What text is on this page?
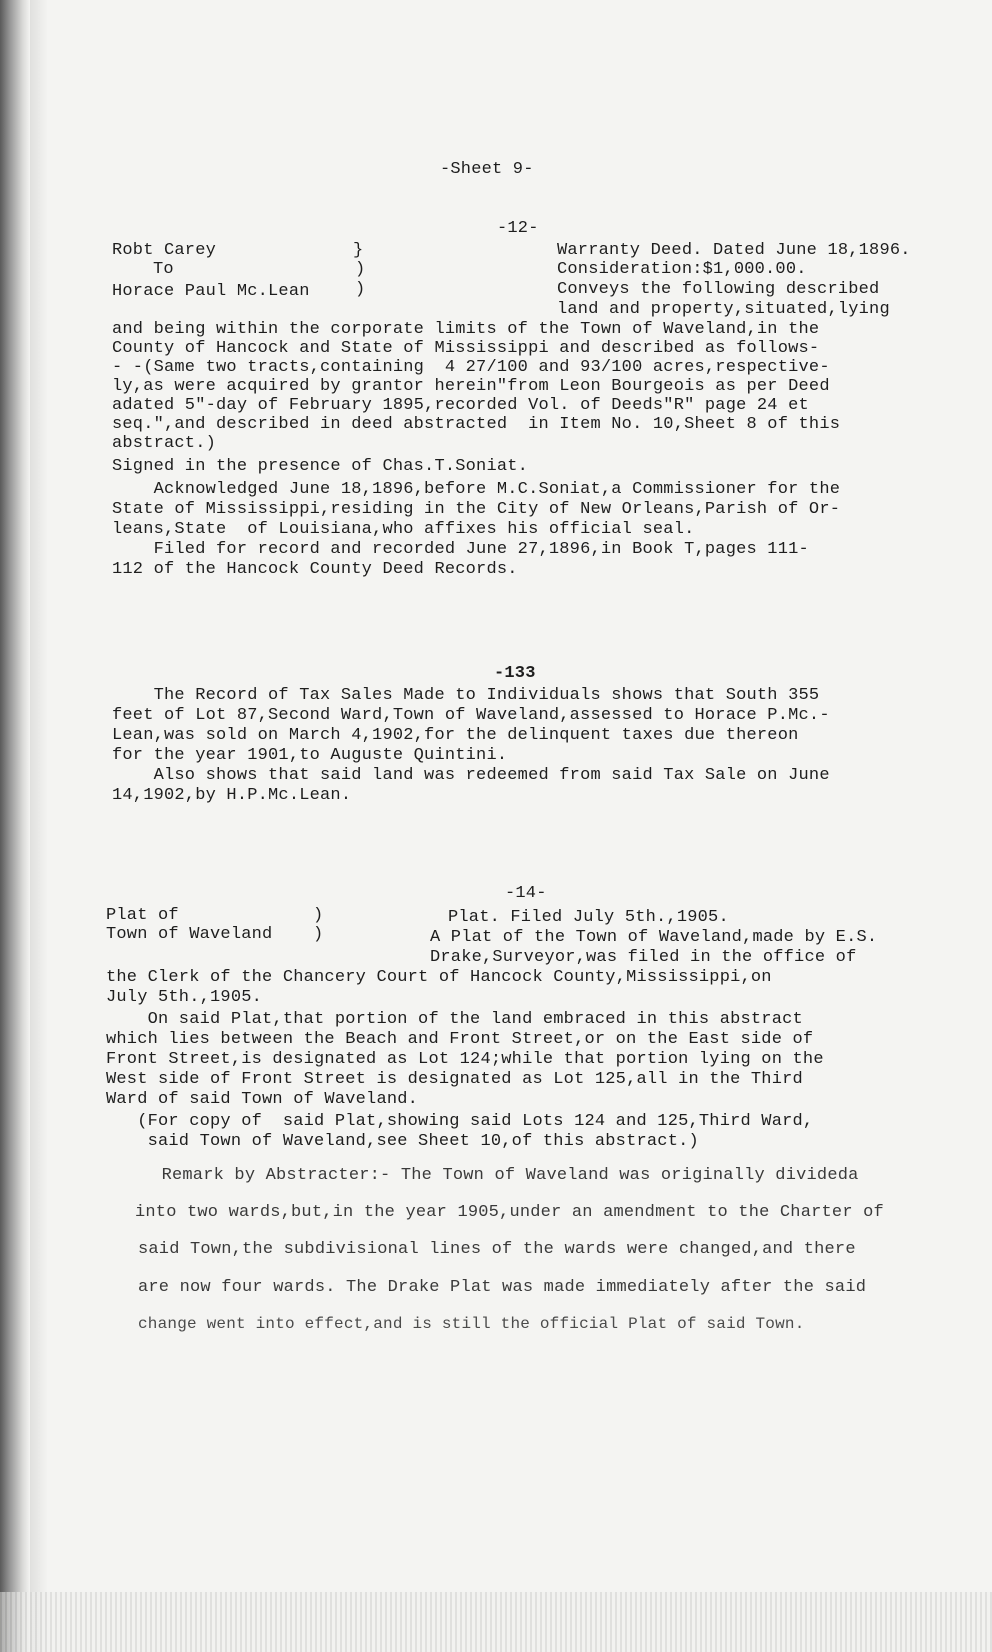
-Sheet 9-
-12-
Robt Carey
To
Horace Paul Mc.Lean
}
)
)
Warranty Deed. Dated June 18,1896.
Consideration:$1,000.00.
Conveys the following described
land and property,situated,lying
and being within the corporate limits of the Town of Waveland,in the
County of Hancock and State of Mississippi and described as follows-
- -(Same two tracts,containing  4 27/100 and 93/100 acres,respective-
ly,as were acquired by grantor herein"from Leon Bourgeois as per Deed
adated 5"-day of February 1895,recorded Vol. of Deeds"R" page 24 et
seq.",and described in deed abstracted  in Item No. 10,Sheet 8 of this
abstract.)
Signed in the presence of Chas.T.Soniat.
Acknowledged June 18,1896,before M.C.Soniat,a Commissioner for the
State of Mississippi,residing in the City of New Orleans,Parish of Or-
leans,State  of Louisiana,who affixes his official seal.
Filed for record and recorded June 27,1896,in Book T,pages 111-
112 of the Hancock County Deed Records.
-133
The Record of Tax Sales Made to Individuals shows that South 355
feet of Lot 87,Second Ward,Town of Waveland,assessed to Horace P.Mc.-
Lean,was sold on March 4,1902,for the delinquent taxes due thereon
for the year 1901,to Auguste Quintini.
Also shows that said land was redeemed from said Tax Sale on June
14,1902,by H.P.Mc.Lean.
-14-
Plat of
Town of Waveland
)
)
Plat. Filed July 5th.,1905.
A Plat of the Town of Waveland,made by E.S.
Drake,Surveyor,was filed in the office of
the Clerk of the Chancery Court of Hancock County,Mississippi,on
July 5th.,1905.
On said Plat,that portion of the land embraced in this abstract
which lies between the Beach and Front Street,or on the East side of
Front Street,is designated as Lot 124;while that portion lying on the
West side of Front Street is designated as Lot 125,all in the Third
Ward of said Town of Waveland.
(For copy of  said Plat,showing said Lots 124 and 125,Third Ward,
said Town of Waveland,see Sheet 10,of this abstract.)
Remark by Abstracter:- The Town of Waveland was originally divideda
into two wards,but,in the year 1905,under an amendment to the Charter of
said Town,the subdivisional lines of the wards were changed,and there
are now four wards. The Drake Plat was made immediately after the said
change went into effect,and is still the official Plat of said Town.
